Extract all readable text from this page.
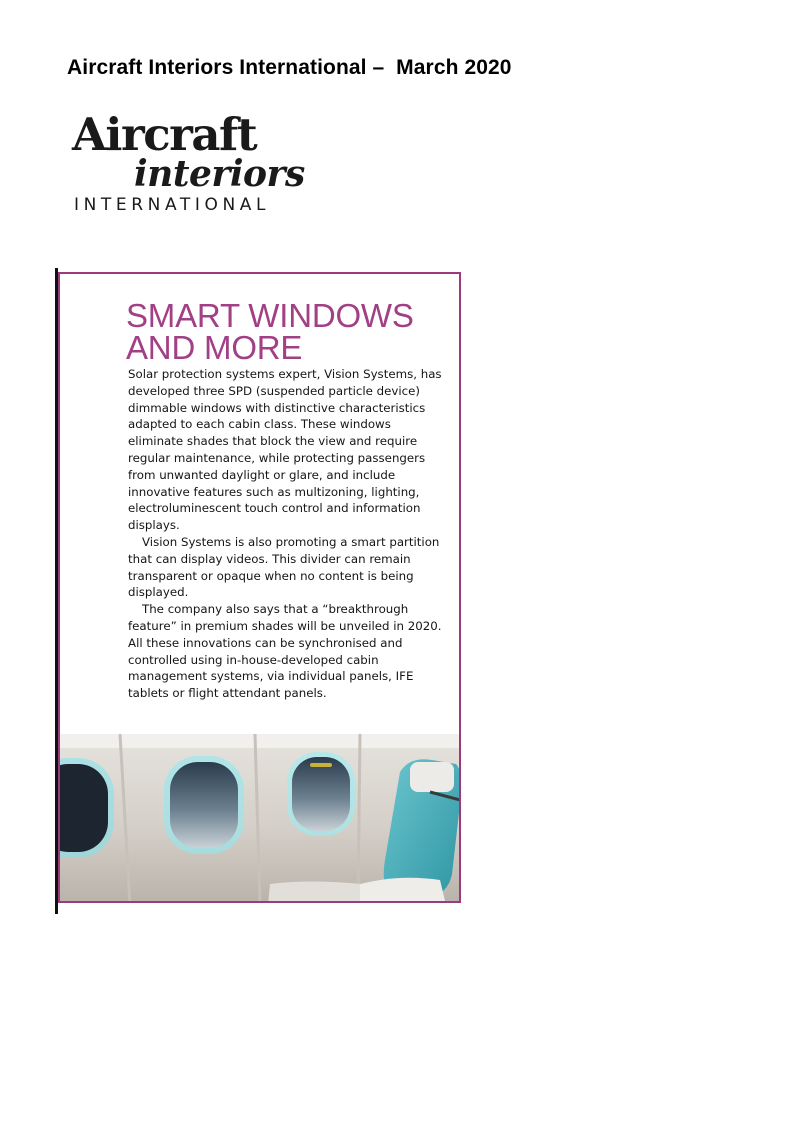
Aircraft Interiors International –  March 2020
Aircraft
interiors
INTERNATIONAL
SMART WINDOWS AND MORE

Solar protection systems expert, Vision Systems, has developed three SPD (suspended particle device) dimmable windows with distinctive characteristics adapted to each cabin class. These windows eliminate shades that block the view and require regular maintenance, while protecting passengers from unwanted daylight or glare, and include innovative features such as multizoning, lighting, electroluminescent touch control and information displays.

Vision Systems is also promoting a smart partition that can display videos. This divider can remain transparent or opaque when no content is being displayed.

The company also says that a “breakthrough feature” in premium shades will be unveiled in 2020. All these innovations can be synchronised and controlled using in-house-developed cabin management systems, via individual panels, IFE tablets or flight attendant panels.
